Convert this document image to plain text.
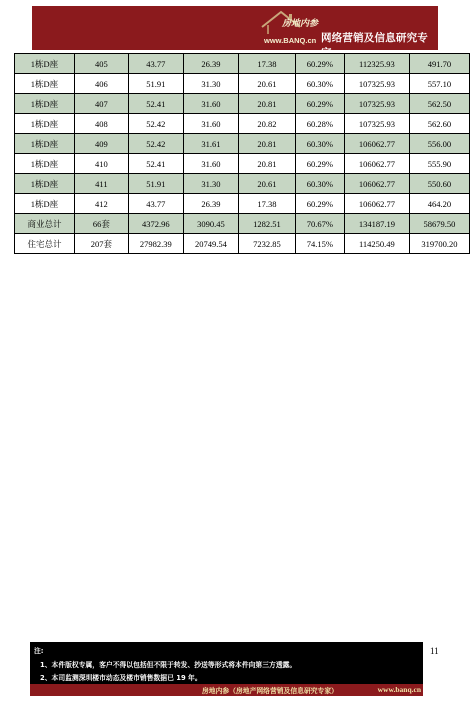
房地内参
www.BANQ.cn 网络营销及信息研究专
1栋D座	405	43.77	26.39	17.38	60.29%	112325.93	491.70
1栋D座	406	51.91	31.30	20.61	60.30%	107325.93	557.10
1栋D座	407	52.41	31.60	20.81	60.29%	107325.93	562.50
1栋D座	408	52.42	31.60	20.82	60.28%	107325.93	562.60
1栋D座	409	52.42	31.61	20.81	60.30%	106062.77	556.00
1栋D座	410	52.41	31.60	20.81	60.29%	106062.77	555.90
1栋D座	411	51.91	31.30	20.61	60.30%	106062.77	550.60
1栋D座	412	43.77	26.39	17.38	60.29%	106062.77	464.20
商业总计	66套	4372.96	3090.45	1282.51	70.67%	134187.19	58679.50
住宅总计	207套	27982.39	20749.54	7232.85	74.15%	114250.49	319700.20
11
注:
1、本件版权专属，客户不得以包括但不限于转发、抄送等形式将本件向第三方透露。
2、本司监测深圳楼市动态及楼市销售数据已 19 年。
房地内参（房地产网络营销及信息研究专家）	www.banq.cn
